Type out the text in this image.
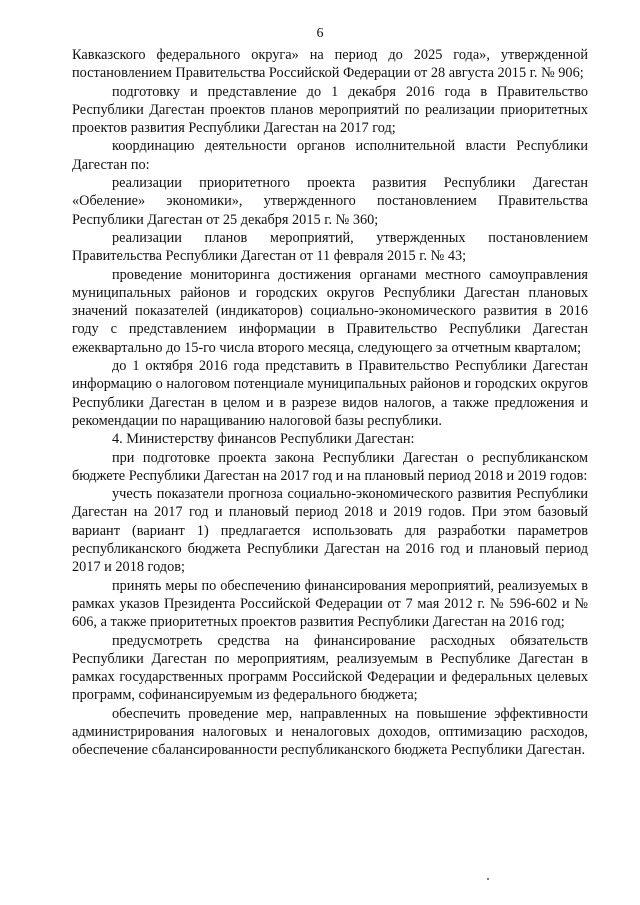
6

Кавказского федерального округа» на период до 2025 года», утвержденной постановлением Правительства Российской Федерации от 28 августа 2015 г. № 906;

подготовку и представление до 1 декабря 2016 года в Правительство Республики Дагестан проектов планов мероприятий по реализации приоритетных проектов развития Республики Дагестан на 2017 год;

координацию деятельности органов исполнительной власти Республики Дагестан по:

реализации приоритетного проекта развития Республики Дагестан «Обеление» экономики», утвержденного постановлением Правительства Республики Дагестан от 25 декабря 2015 г. № 360;

реализации планов мероприятий, утвержденных постановлением Правительства Республики Дагестан от 11 февраля 2015 г. № 43;

проведение мониторинга достижения органами местного самоуправления муниципальных районов и городских округов Республики Дагестан плановых значений показателей (индикаторов) социально-экономического развития в 2016 году с представлением информации в Правительство Республики Дагестан ежеквартально до 15-го числа второго месяца, следующего за отчетным кварталом;

до 1 октября 2016 года представить в Правительство Республики Дагестан информацию о налоговом потенциале муниципальных районов и городских округов Республики Дагестан в целом и в разрезе видов налогов, а также предложения и рекомендации по наращиванию налоговой базы республики.

4. Министерству финансов Республики Дагестан:

при подготовке проекта закона Республики Дагестан о республиканском бюджете Республики Дагестан на 2017 год и на плановый период 2018 и 2019 годов:

учесть показатели прогноза социально-экономического развития Республики Дагестан на 2017 год и плановый период 2018 и 2019 годов. При этом базовый вариант (вариант 1) предлагается использовать для разработки параметров республиканского бюджета Республики Дагестан на 2016 год и плановый период 2017 и 2018 годов;

принять меры по обеспечению финансирования мероприятий, реализуемых в рамках указов Президента Российской Федерации от 7 мая 2012 г. № 596-602 и № 606, а также приоритетных проектов развития Республики Дагестан на 2016 год;

предусмотреть средства на финансирование расходных обязательств Республики Дагестан по мероприятиям, реализуемым в Республике Дагестан в рамках государственных программ Российской Федерации и федеральных целевых программ, софинансируемым из федерального бюджета;

обеспечить проведение мер, направленных на повышение эффективности администрирования налоговых и неналоговых доходов, оптимизацию расходов, обеспечение сбалансированности республиканского бюджета Республики Дагестан.
